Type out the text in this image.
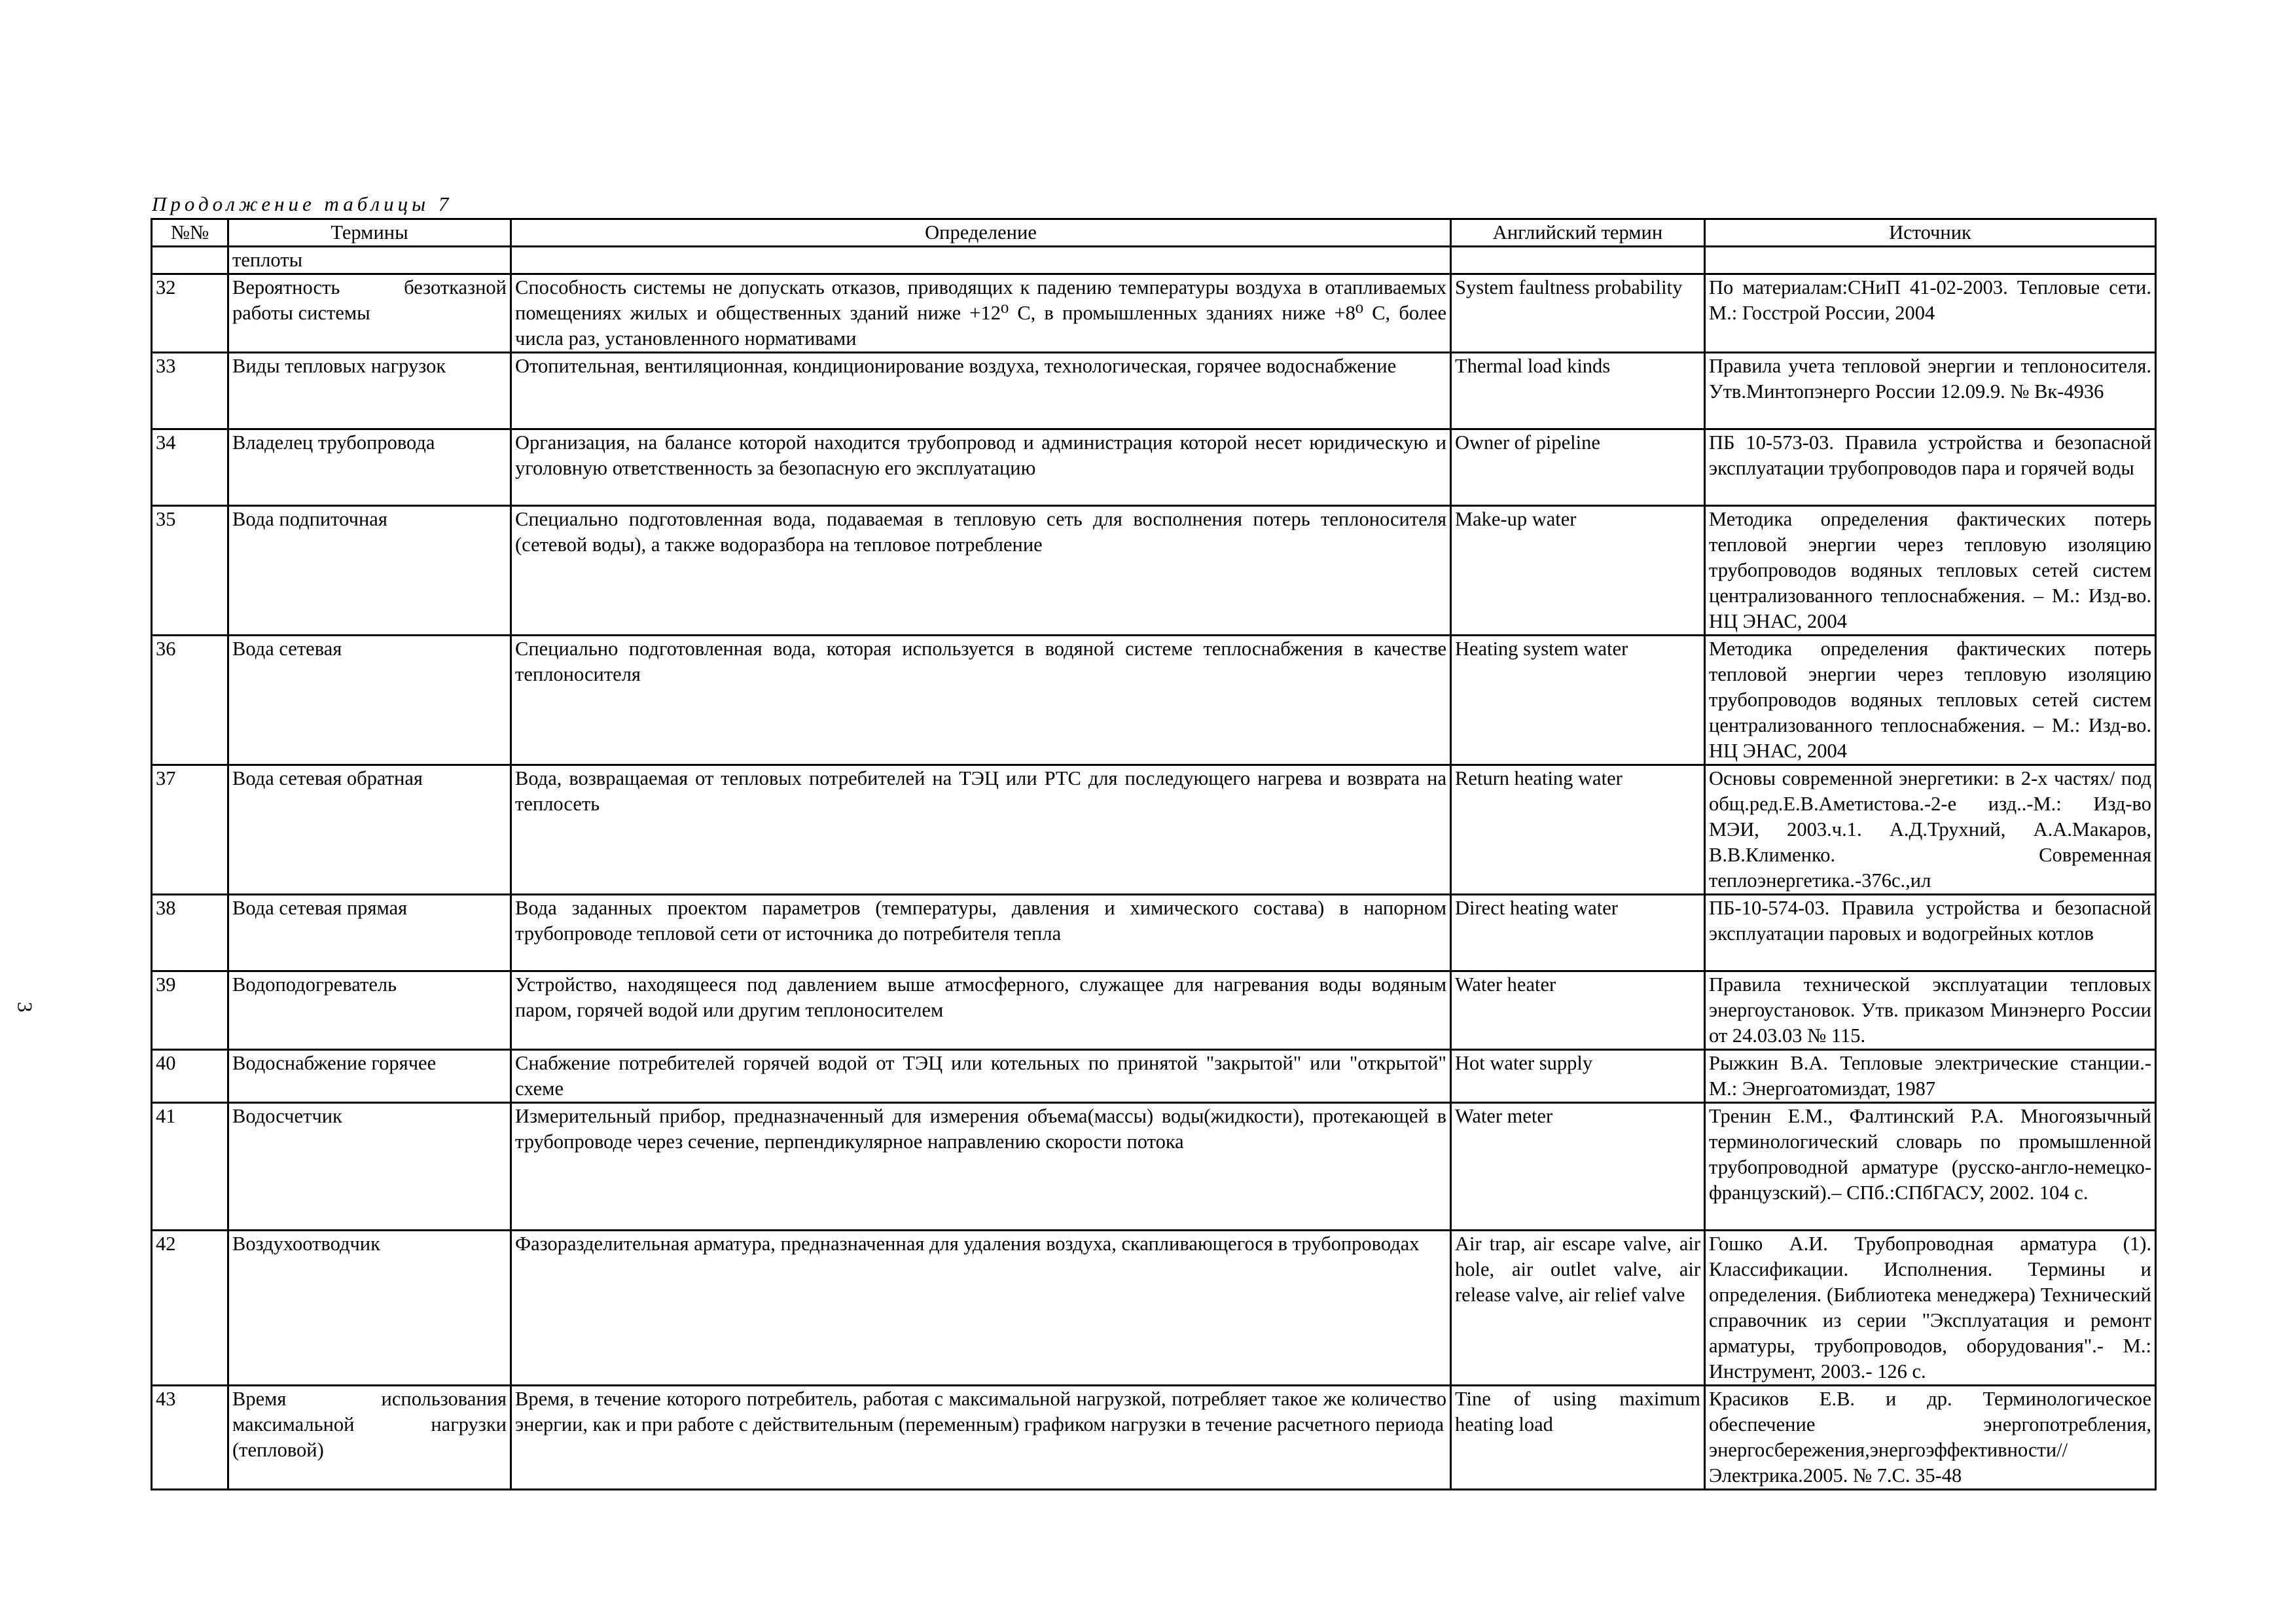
Продолжение таблицы 7
3
№№	Термины	Определение	Английский термин	Источник
	теплоты			
32	Вероятность безотказной работы системы	Способность системы не допускать отказов, приводящих к падению температуры воздуха в отапливаемых помещениях жилых и общественных зданий ниже +12⁰ С, в промышленных зданиях ниже +8⁰ С, более числа раз, установленного нормативами	System faultness probability	По материалам:СНиП 41-02-2003. Тепловые сети. М.: Госстрой России, 2004
33	Виды тепловых нагрузок	Отопительная, вентиляционная, кондиционирование воздуха, технологическая, горячее водоснабжение	Thermal load kinds	Правила учета тепловой энергии и теплоносителя. Утв.Минтопэнерго России 12.09.9. № Вк-4936
34	Владелец трубопровода	Организация, на балансе которой находится трубопровод и администрация которой несет юридическую и уголовную ответственность за безопасную его эксплуатацию	Owner of pipeline	ПБ 10-573-03. Правила устройства и безопасной эксплуатации трубопроводов пара и горячей воды
35	Вода подпиточная	Специально подготовленная вода, подаваемая в тепловую сеть для восполнения потерь теплоносителя (сетевой воды), а также водоразбора на тепловое потребление	Make-up water	Методика определения фактических потерь тепловой энергии через тепловую изоляцию трубопроводов водяных тепловых сетей систем централизованного теплоснабжения. – М.: Изд-во. НЦ ЭНАС, 2004
36	Вода сетевая	Специально подготовленная вода, которая используется в водяной системе теплоснабжения в качестве теплоносителя	Heating system water	Методика определения фактических потерь тепловой энергии через тепловую изоляцию трубопроводов водяных тепловых сетей систем централизованного теплоснабжения. – М.: Изд-во. НЦ ЭНАС, 2004
37	Вода сетевая обратная	Вода, возвращаемая от тепловых потребителей на ТЭЦ или РТС для последующего нагрева и возврата на теплосеть	Return heating water	Основы современной энергетики: в 2-х частях/ под общ.ред.Е.В.Аметистова.-2-е изд..-М.: Изд-во МЭИ, 2003.ч.1. А.Д.Трухний, А.А.Макаров, В.В.Клименко. Современная теплоэнергетика.-376с.,ил
38	Вода сетевая прямая	Вода заданных проектом параметров (температуры, давления и химического состава) в напорном трубопроводе тепловой сети от источника до потребителя тепла	Direct heating water	ПБ-10-574-03. Правила устройства и безопасной эксплуатации паровых и водогрейных котлов
39	Водоподогреватель	Устройство, находящееся под давлением выше атмосферного, служащее для нагревания воды водяным паром, горячей водой или другим теплоносителем	Water heater	Правила технической эксплуатации тепловых энергоустановок. Утв. приказом Минэнерго России от 24.03.03 № 115.
40	Водоснабжение горячее	Снабжение потребителей горячей водой от ТЭЦ или котельных по принятой "закрытой" или "открытой" схеме	Hot water supply	Рыжкин В.А. Тепловые электрические станции.-М.: Энергоатомиздат, 1987
41	Водосчетчик	Измерительный прибор, предназначенный для измерения объема(массы) воды(жидкости), протекающей в трубопроводе через сечение, перпендикулярное направлению скорости потока	Water meter	Тренин Е.М., Фалтинский Р.А. Многоязычный терминологический словарь по промышленной трубопроводной арматуре (русско-англо-немецко-французский).– СПб.:СПбГАСУ, 2002. 104 с.
42	Воздухоотводчик	Фазоразделительная арматура, предназначенная для удаления воздуха, скапливающегося в трубопроводах	Air trap, air escape valve, air hole, air outlet valve, air release valve, air relief valve	Гошко А.И. Трубопроводная арматура (1). Классификации. Исполнения. Термины и определения. (Библиотека менеджера) Технический справочник из серии "Эксплуатация и ремонт арматуры, трубопроводов, оборудования".- М.: Инструмент, 2003.- 126 с.
43	Время использования максимальной нагрузки (тепловой)	Время, в течение которого потребитель, работая с максимальной нагрузкой, потребляет такое же количество энергии, как и при работе с действительным (переменным) графиком нагрузки в течение расчетного периода	Tine of using maximum heating load	Красиков Е.В. и др. Терминологическое обеспечение энергопотребления, энергосбережения,энергоэффективности// Электрика.2005. № 7.С. 35-48
